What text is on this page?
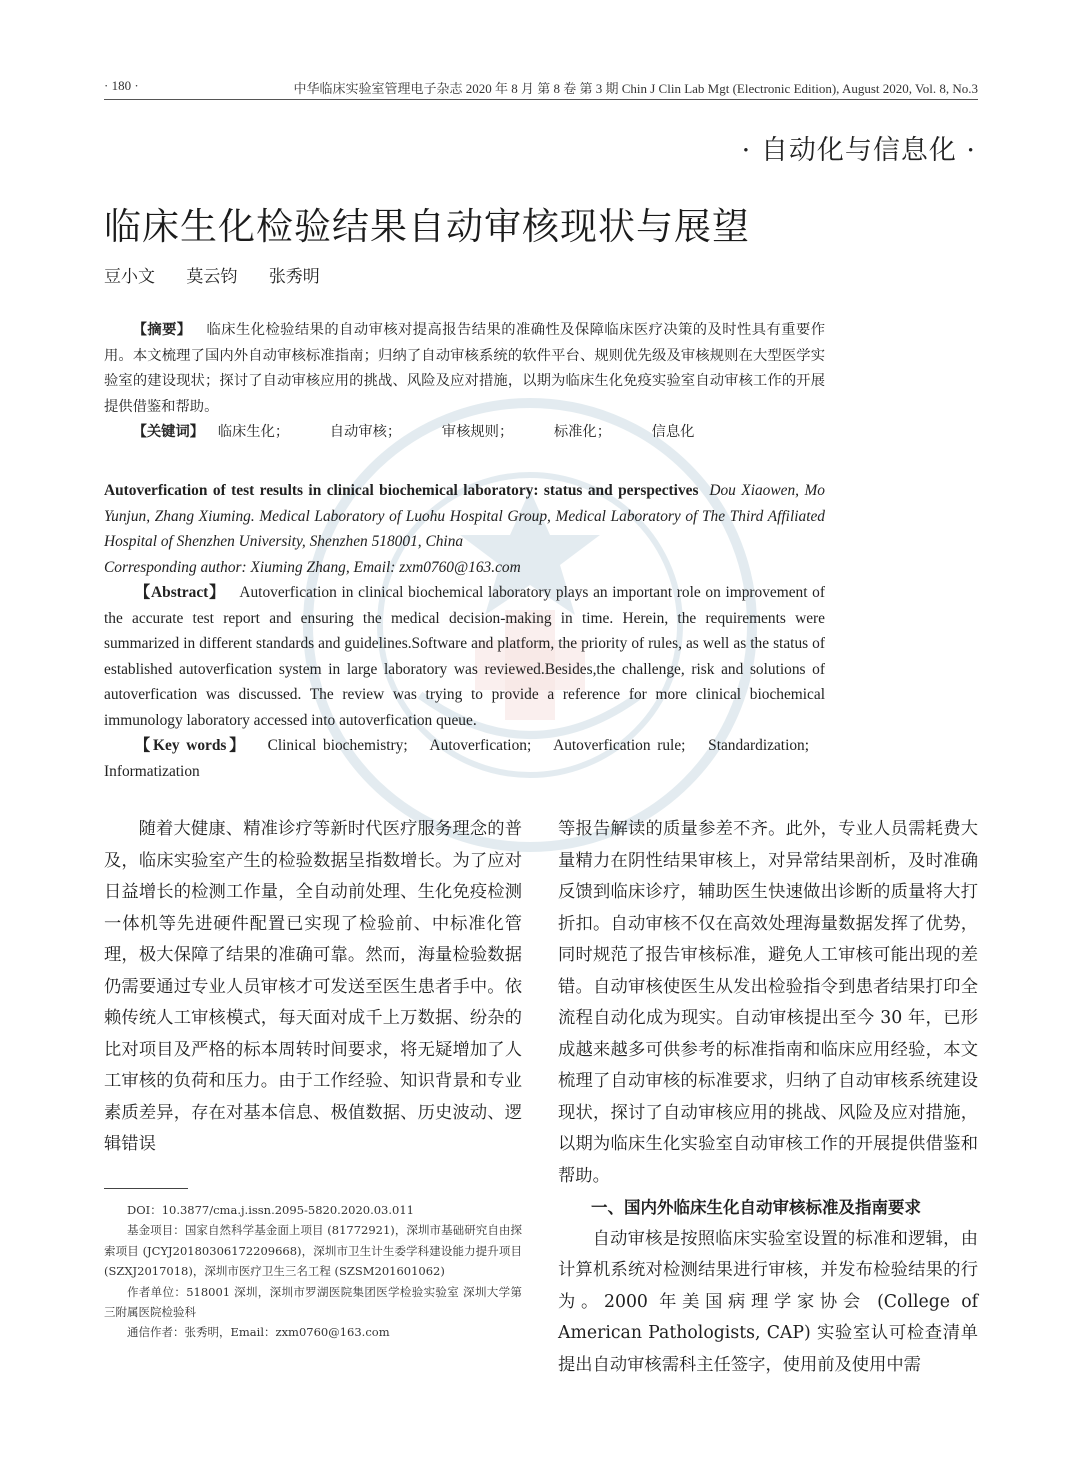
· 180 ·	中华临床实验室管理电子杂志 2020 年 8 月 第 8 卷 第 3 期 Chin J Clin Lab Mgt (Electronic Edition), August 2020, Vol. 8, No.3
· 自动化与信息化 ·
临床生化检验结果自动审核现状与展望
豆小文 莫云钧 张秀明
【摘要】 临床生化检验结果的自动审核对提高报告结果的准确性及保障临床医疗决策的及时性具有重要作用。本文梳理了国内外自动审核标准指南；归纳了自动审核系统的软件平台、规则优先级及审核规则在大型医学实验室的建设现状；探讨了自动审核应用的挑战、风险及应对措施，以期为临床生化免疫实验室自动审核工作的开展提供借鉴和帮助。
【关键词】 临床生化；	自动审核；	审核规则；	标准化；	信息化
Autoverfication of test results in clinical biochemical laboratory: status and perspectives Dou Xiaowen, Mo Yunjun, Zhang Xiuming. Medical Laboratory of Luohu Hospital Group, Medical Laboratory of The Third Affiliated Hospital of Shenzhen University, Shenzhen 518001, China
Corresponding author: Xiuming Zhang, Email: zxm0760@163.com
【Abstract】 Autoverfication in clinical biochemical laboratory plays an important role on improvement of the accurate test report and ensuring the medical decision-making in time. Herein, the requirements were summarized in different standards and guidelines.Software and platform, the priority of rules, as well as the status of established autoverfication system in large laboratory was reviewed.Besides,the challenge, risk and solutions of autoverfication was discussed. The review was trying to provide a reference for more clinical biochemical immunology laboratory accessed into autoverfication queue.
【Key words】 Clinical biochemistry; Autoverfication; Autoverfication rule; Standardization; Informatization
随着大健康、精准诊疗等新时代医疗服务理念的普及，临床实验室产生的检验数据呈指数增长。为了应对日益增长的检测工作量，全自动前处理、生化免疫检测一体机等先进硬件配置已实现了检验前、中标准化管理，极大保障了结果的准确可靠。然而，海量检验数据仍需要通过专业人员审核才可发送至医生患者手中。依赖传统人工审核模式，每天面对成千上万数据、纷杂的比对项目及严格的标本周转时间要求，将无疑增加了人工审核的负荷和压力。由于工作经验、知识背景和专业素质差异，存在对基本信息、极值数据、历史波动、逻辑错误
等报告解读的质量参差不齐。此外，专业人员需耗费大量精力在阴性结果审核上，对异常结果剖析，及时准确反馈到临床诊疗，辅助医生快速做出诊断的质量将大打折扣。自动审核不仅在高效处理海量数据发挥了优势，同时规范了报告审核标准，避免人工审核可能出现的差错。自动审核使医生从发出检验指令到患者结果打印全流程自动化成为现实。自动审核提出至今 30 年，已形成越来越多可供参考的标准指南和临床应用经验，本文梳理了自动审核的标准要求，归纳了自动审核系统建设现状，探讨了自动审核应用的挑战、风险及应对措施，以期为临床生化实验室自动审核工作的开展提供借鉴和帮助。
一、国内外临床生化自动审核标准及指南要求
自动审核是按照临床实验室设置的标准和逻辑，由计算机系统对检测结果进行审核，并发布检验结果的行为。2000 年美国病理学家协会 (College of American Pathologists, CAP) 实验室认可检查清单提出自动审核需科主任签字，使用前及使用中需
DOI：10.3877/cma.j.issn.2095-5820.2020.03.011
基金项目：国家自然科学基金面上项目 (81772921)，深圳市基础研究自由探索项目 (JCYJ20180306172209668)，深圳市卫生计生委学科建设能力提升项目 (SZXJ2017018)，深圳市医疗卫生三名工程 (SZSM201601062)
作者单位：518001 深圳，深圳市罗湖医院集团医学检验实验室 深圳大学第三附属医院检验科
通信作者：张秀明，Email：zxm0760@163.com
